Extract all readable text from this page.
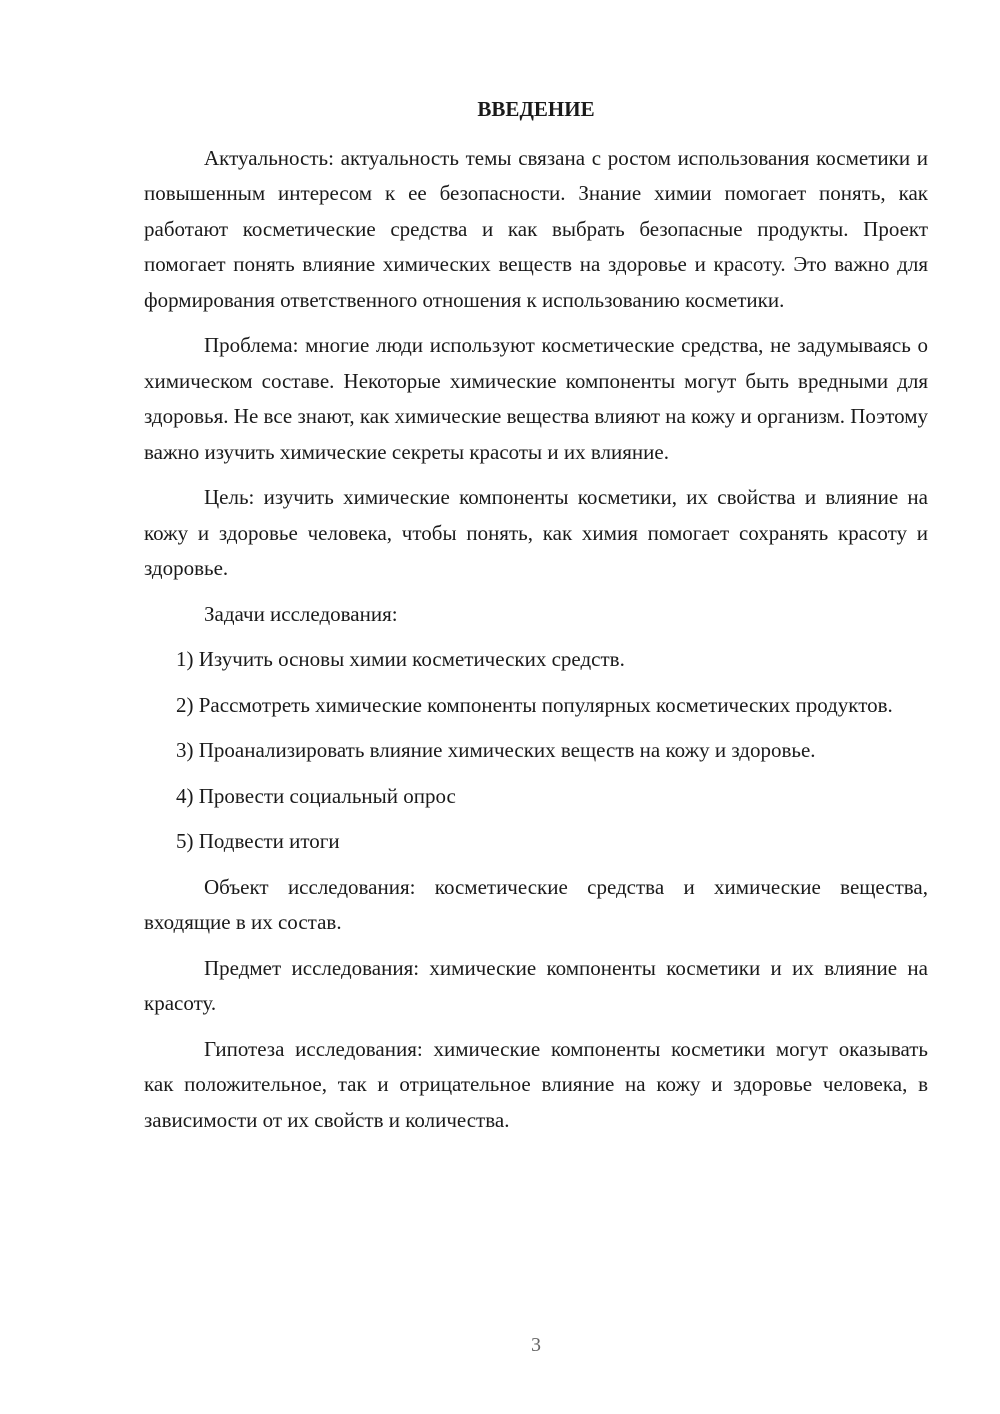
ВВЕДЕНИЕ

Актуальность: актуальность темы связана с ростом использования косметики и повышенным интересом к ее безопасности. Знание химии помогает понять, как работают косметические средства и как выбрать безопасные продукты. Проект помогает понять влияние химических веществ на здоровье и красоту. Это важно для формирования ответственного отношения к использованию косметики.

Проблема: многие люди используют косметические средства, не задумываясь о химическом составе. Некоторые химические компоненты могут быть вредными для здоровья. Не все знают, как химические вещества влияют на кожу и организм. Поэтому важно изучить химические секреты красоты и их влияние.

Цель: изучить химические компоненты косметики, их свойства и влияние на кожу и здоровье человека, чтобы понять, как химия помогает сохранять красоту и здоровье.

Задачи исследования:

1) Изучить основы химии косметических средств.

2) Рассмотреть химические компоненты популярных косметических продуктов.

3) Проанализировать влияние химических веществ на кожу и здоровье.

4) Провести социальный опрос

5) Подвести итоги

Объект исследования: косметические средства и химические вещества, входящие в их состав.

Предмет исследования: химические компоненты косметики и их влияние на красоту.

Гипотеза исследования: химические компоненты косметики могут оказывать как положительное, так и отрицательное влияние на кожу и здоровье человека, в зависимости от их свойств и количества.

3
